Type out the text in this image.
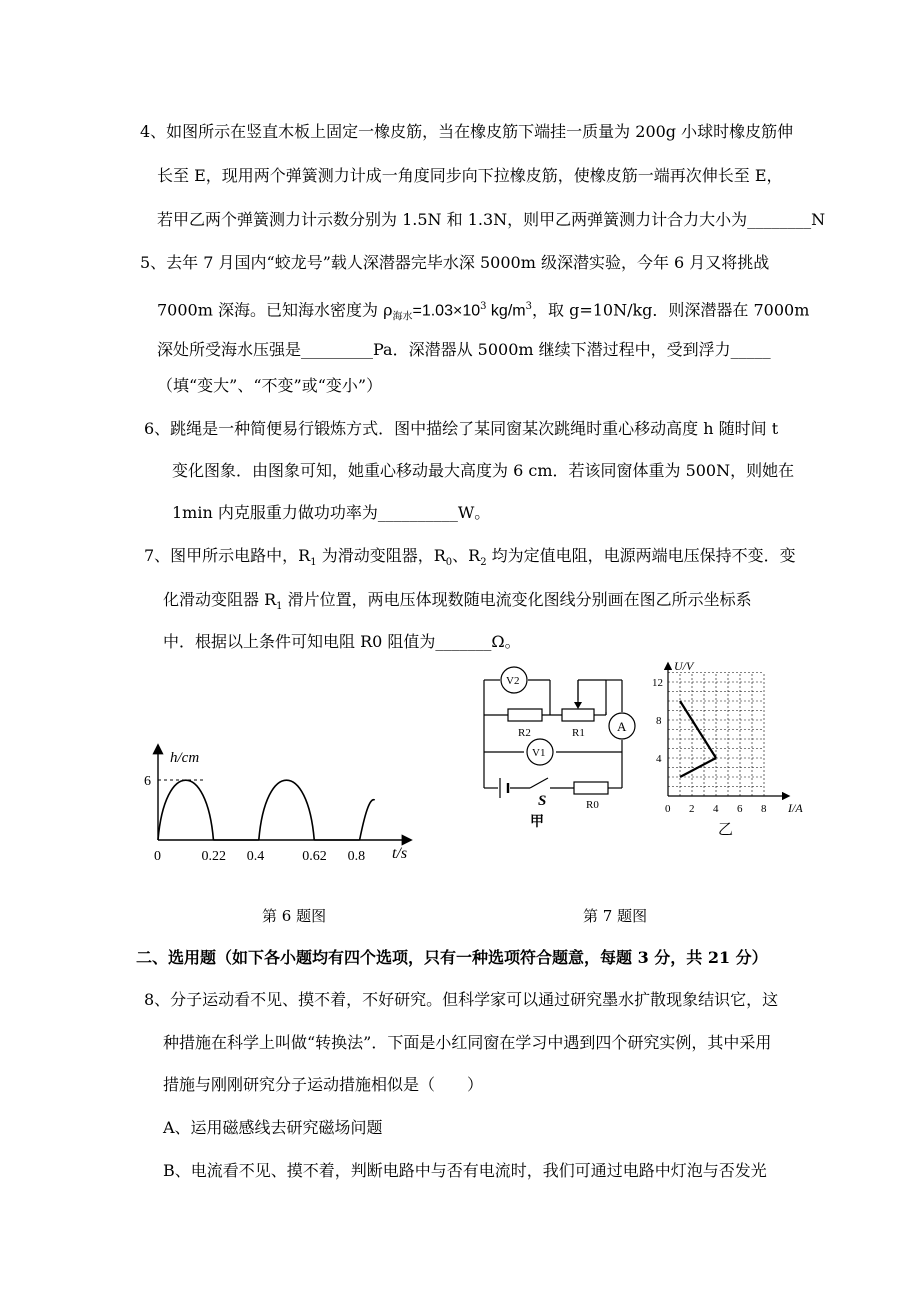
4、如图所示在竖直木板上固定一橡皮筋，当在橡皮筋下端挂一质量为 200g 小球时橡皮筋伸
长至 E，现用两个弹簧测力计成一角度同步向下拉橡皮筋，使橡皮筋一端再次伸长至 E，
若甲乙两个弹簧测力计示数分别为 1.5N 和 1.3N，则甲乙两弹簧测力计合力大小为________N
5、去年 7 月国内“蛟龙号”载人深潜器完毕水深 5000m 级深潜实验，今年 6 月又将挑战
7000m 深海。已知海水密度为 $\rho_{海水}=1.03\times 10^3$ $kg/m^3$，取 g=10N/kg．则深潜器在 7000m
深处所受海水压强是_________Pa．深潜器从 5000m 继续下潜过程中，受到浮力_____
（填“变大”、“不变”或“变小”）
6、跳绳是一种简便易行锻炼方式．图中描绘了某同窗某次跳绳时重心移动高度 h 随时间 t
变化图象．由图象可知，她重心移动最大高度为 6 cm．若该同窗体重为 500N，则她在
1min 内克服重力做功功率为__________W。
7、图甲所示电路中，$R_1$ 为滑动变阻器，$R_0$、$R_2$ 均为定值电阻，电源两端电压保持不变．变
化滑动变阻器 $R_1$ 滑片位置，两电压体现数随电流变化图线分别画在图乙所示坐标系
中．根据以上条件可知电阻 R0 阻值为_______Ω。
h/cm
6
0	0.22 0.4	0.62 0.8 t/s
V2
R2	R1 A
V1
S	R0
甲
0 2 4 6 8
4
8
12
U/V
I/A
乙
第 6 题图	第 7 题图
二、选用题（如下各小题均有四个选项，只有一种选项符合题意，每题 3 分，共 21 分）
8、分子运动看不见、摸不着，不好研究。但科学家可以通过研究墨水扩散现象结识它，这
种措施在科学上叫做“转换法”．下面是小红同窗在学习中遇到四个研究实例，其中采用
措施与刚刚研究分子运动措施相似是（　　）
A、运用磁感线去研究磁场问题
B、电流看不见、摸不着，判断电路中与否有电流时，我们可通过电路中灯泡与否发光
